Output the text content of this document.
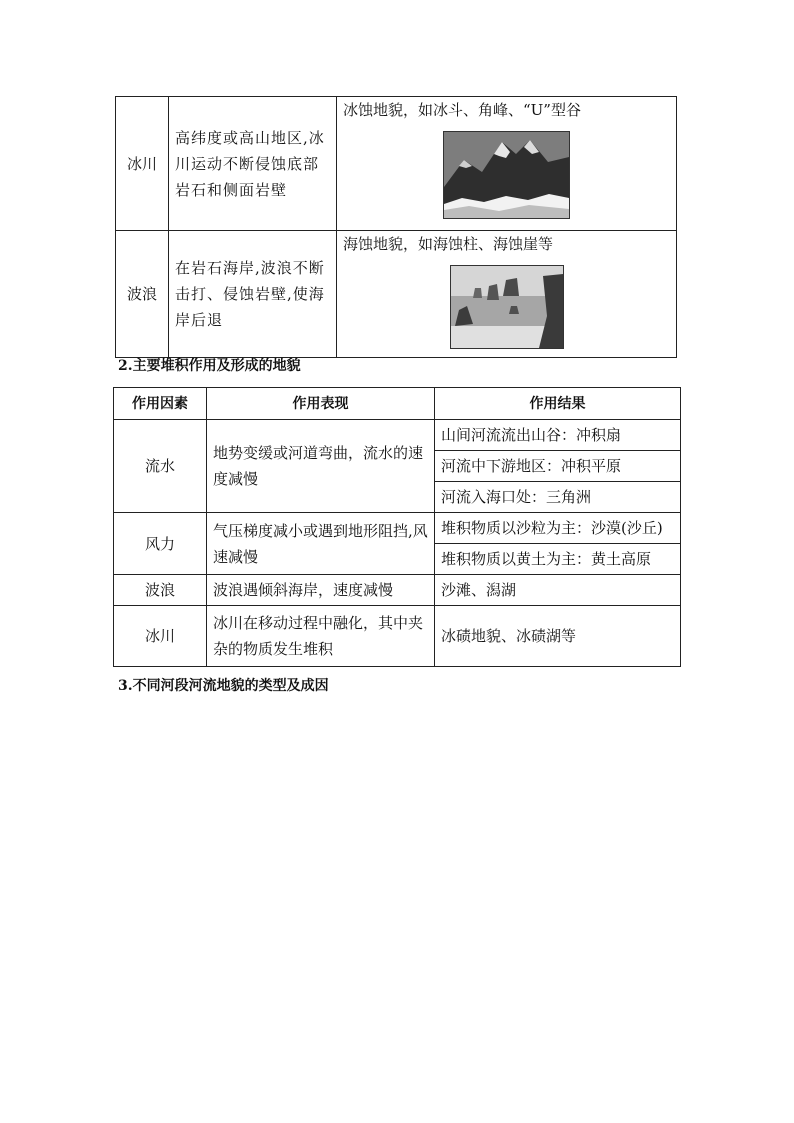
冰川	高纬度或高山地区,冰川运动不断侵蚀底部岩石和侧面岩壁	冰蚀地貌，如冰斗、角峰、“U”型谷

波浪	在岩石海岸,波浪不断击打、侵蚀岩壁,使海岸后退	海蚀地貌，如海蚀柱、海蚀崖等

2.主要堆积作用及形成的地貌

作用因素	作用表现	作用结果
流水	地势变缓或河道弯曲，流水的速度减慢	山间河流流出山谷：冲积扇
		河流中下游地区：冲积平原
		河流入海口处：三角洲
风力	气压梯度减小或遇到地形阻挡,风速减慢	堆积物质以沙粒为主：沙漠(沙丘)
		堆积物质以黄土为主：黄土高原
波浪	波浪遇倾斜海岸，速度减慢	沙滩、潟湖
冰川	冰川在移动过程中融化，其中夹杂的物质发生堆积	冰碛地貌、冰碛湖等

3.不同河段河流地貌的类型及成因
